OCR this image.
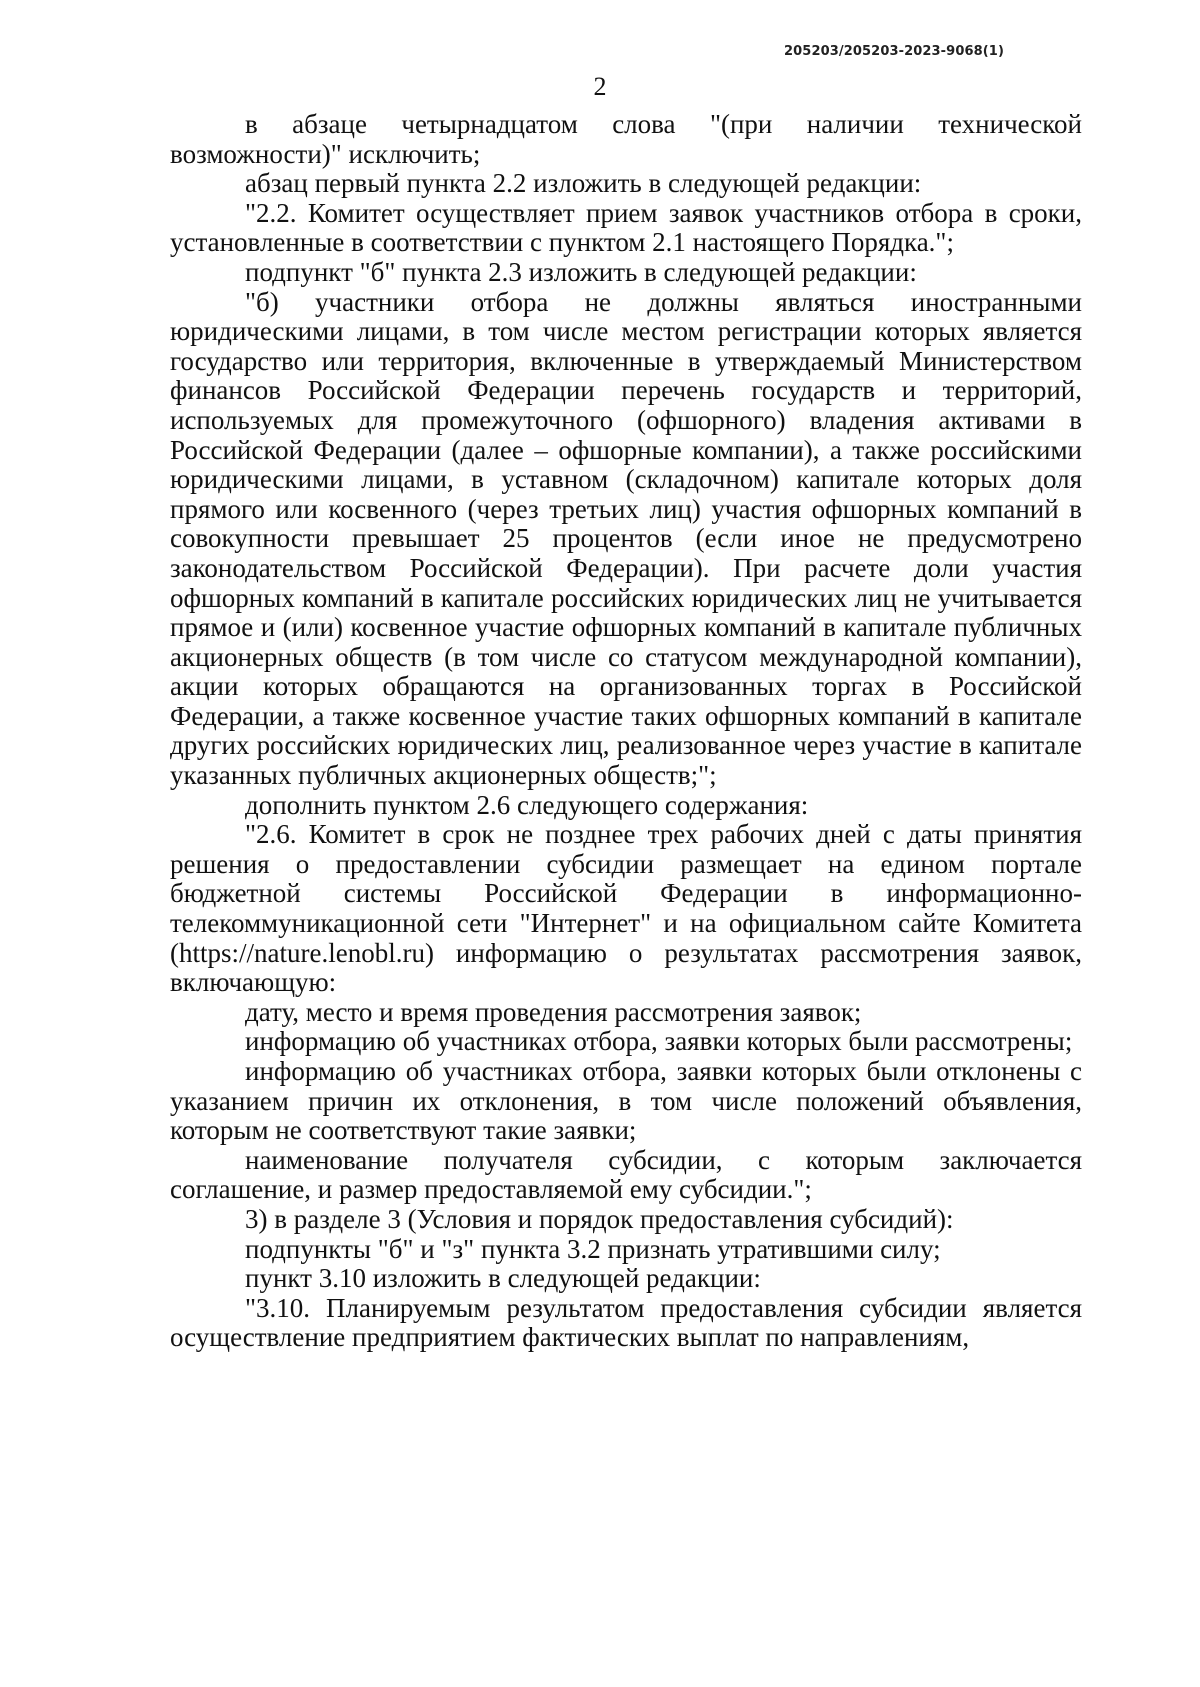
205203/205203-2023-9068(1)
2

в абзаце четырнадцатом слова "(при наличии технической возможности)" исключить;

абзац первый пункта 2.2 изложить в следующей редакции:

"2.2. Комитет осуществляет прием заявок участников отбора в сроки, установленные в соответствии с пунктом 2.1 настоящего Порядка.";

подпункт "б" пункта 2.3 изложить в следующей редакции:

"б) участники отбора не должны являться иностранными юридическими лицами, в том числе местом регистрации которых является государство или территория, включенные в утверждаемый Министерством финансов Российской Федерации перечень государств и территорий, используемых для промежуточного (офшорного) владения активами в Российской Федерации (далее – офшорные компании), а также российскими юридическими лицами, в уставном (складочном) капитале которых доля прямого или косвенного (через третьих лиц) участия офшорных компаний в совокупности превышает 25 процентов (если иное не предусмотрено законодательством Российской Федерации). При расчете доли участия офшорных компаний в капитале российских юридических лиц не учитывается прямое и (или) косвенное участие офшорных компаний в капитале публичных акционерных обществ (в том числе со статусом международной компании), акции которых обращаются на организованных торгах в Российской Федерации, а также косвенное участие таких офшорных компаний в капитале других российских юридических лиц, реализованное через участие в капитале указанных публичных акционерных обществ;";

дополнить пунктом 2.6 следующего содержания:

"2.6. Комитет в срок не позднее трех рабочих дней с даты принятия решения о предоставлении субсидии размещает на едином портале бюджетной системы Российской Федерации в информационно-телекоммуникационной сети "Интернет" и на официальном сайте Комитета (https://nature.lenobl.ru) информацию о результатах рассмотрения заявок, включающую:

дату, место и время проведения рассмотрения заявок;

информацию об участниках отбора, заявки которых были рассмотрены;

информацию об участниках отбора, заявки которых были отклонены с указанием причин их отклонения, в том числе положений объявления, которым не соответствуют такие заявки;

наименование получателя субсидии, с которым заключается соглашение, и размер предоставляемой ему субсидии.";

3) в разделе 3 (Условия и порядок предоставления субсидий):

подпункты "б" и "з" пункта 3.2 признать утратившими силу;

пункт 3.10 изложить в следующей редакции:

"3.10. Планируемым результатом предоставления субсидии является осуществление предприятием фактических выплат по направлениям,
